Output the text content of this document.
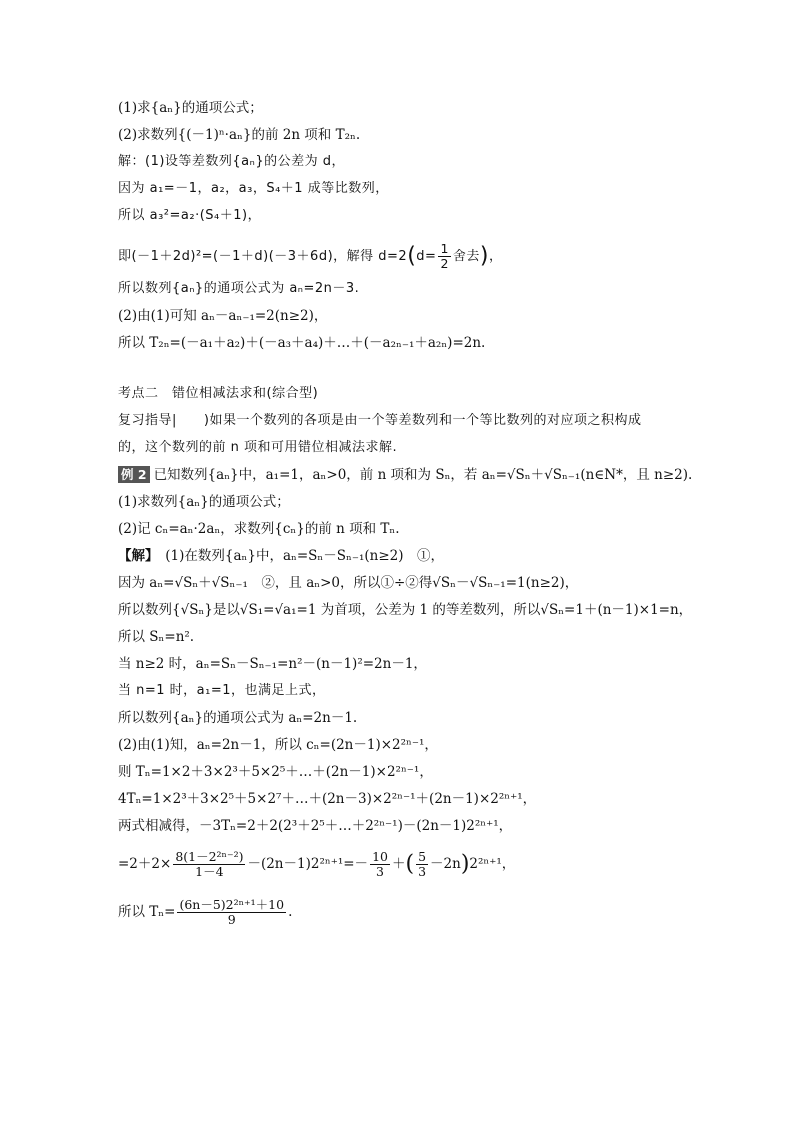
(1)求{aₙ}的通项公式；
(2)求数列{(－1)ⁿ·aₙ}的前 2n 项和 T₂ₙ.
解：(1)设等差数列{aₙ}的公差为 d，
因为 a₁=－1，a₂，a₃，S₄＋1 成等比数列，
所以 a₃²=a₂·(S₄＋1)，
即(－1＋2d)²=(－1＋d)(－3＋6d)，解得 $d=2(d= \frac{1}{2}$ 舍去)，
所以数列{aₙ}的通项公式为 aₙ=2n－3.
(2)由(1)可知 aₙ－aₙ₋₁=2(n≥2)，
所以 T₂ₙ=(－a₁＋a₂)＋(－a₃＋a₄)＋…＋(－a₂ₙ₋₁＋a₂ₙ)=2n.
考点二　错位相减法求和(综合型)
复习指导|　　)如果一个数列的各项是由一个等差数列和一个等比数列的对应项之积构成
的，这个数列的前 n 项和可用错位相减法求解.
例 2 已知数列{aₙ}中，a₁=1，aₙ>0，前 n 项和为 Sₙ，若 aₙ=√Sₙ＋√Sₙ₋₁(n∈N*，且 n≥2).
(1)求数列{aₙ}的通项公式；
(2)记 cₙ=aₙ·2aₙ，求数列{cₙ}的前 n 项和 Tₙ.
【解】　(1)在数列{aₙ}中，aₙ=Sₙ－Sₙ₋₁(n≥2)　①，
因为 aₙ=√Sₙ＋√Sₙ₋₁　②，且 aₙ>0，所以①÷②得√Sₙ－√Sₙ₋₁=1(n≥2)，
所以数列{√Sₙ}是以√S₁=√a₁=1 为首项，公差为 1 的等差数列，所以√Sₙ=1＋(n－1)×1=n，
所以 Sₙ=n².
当 n≥2 时，aₙ=Sₙ－Sₙ₋₁=n²－(n－1)²=2n－1，
当 n=1 时，a₁=1，也满足上式，
所以数列{aₙ}的通项公式为 aₙ=2n－1.
(2)由(1)知，aₙ=2n－1，所以 cₙ=(2n－1)×2²ⁿ⁻¹，
则 Tₙ=1×2＋3×2³＋5×2⁵＋…＋(2n－1)×2²ⁿ⁻¹，
4Tₙ=1×2³＋3×2⁵＋5×2⁷＋…＋(2n－3)×2²ⁿ⁻¹＋(2n－1)×2²ⁿ⁺¹，
两式相减得，－3Tₙ=2＋2(2³＋2⁵＋…＋2²ⁿ⁻¹)－(2n－1)2²ⁿ⁺¹，
$=2+2\times \frac{\text{8(1－2²ⁿ⁻²)}}{1-4} -(2n-1)2^{2n+1}=- \frac{10}{3}$ ＋( $\frac{5}{3} -2n)2^{2n+1}$，
所以 $T_n= \frac{\text{(6n－5)2²ⁿ⁺¹＋10}}{9}$ .
